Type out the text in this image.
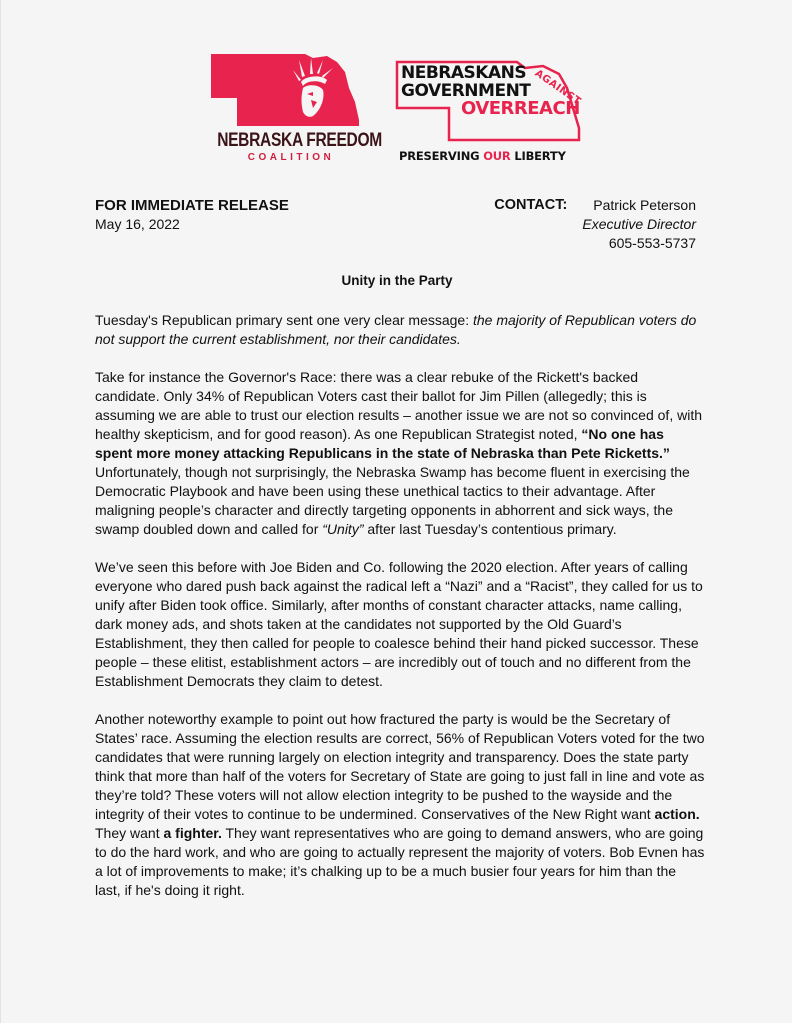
NEBRASKA FREEDOM
COALITION
NEBRASKANS AGAINST
GOVERNMENT
OVERREACH
PRESERVING OUR LIBERTY
FOR IMMEDIATE RELEASE
May 16, 2022
CONTACT: Patrick Peterson
Executive Director
605-553-5737
Unity in the Party

Tuesday's Republican primary sent one very clear message: the majority of Republican voters do not support the current establishment, nor their candidates.

Take for instance the Governor's Race: there was a clear rebuke of the Rickett's backed candidate. Only 34% of Republican Voters cast their ballot for Jim Pillen (allegedly; this is assuming we are able to trust our election results – another issue we are not so convinced of, with healthy skepticism, and for good reason). As one Republican Strategist noted, “No one has spent more money attacking Republicans in the state of Nebraska than Pete Ricketts.” Unfortunately, though not surprisingly, the Nebraska Swamp has become fluent in exercising the Democratic Playbook and have been using these unethical tactics to their advantage. After maligning people’s character and directly targeting opponents in abhorrent and sick ways, the swamp doubled down and called for “Unity” after last Tuesday’s contentious primary.

We’ve seen this before with Joe Biden and Co. following the 2020 election. After years of calling everyone who dared push back against the radical left a “Nazi” and a “Racist”, they called for us to unify after Biden took office. Similarly, after months of constant character attacks, name calling, dark money ads, and shots taken at the candidates not supported by the Old Guard’s Establishment, they then called for people to coalesce behind their hand picked successor. These people – these elitist, establishment actors – are incredibly out of touch and no different from the Establishment Democrats they claim to detest.

Another noteworthy example to point out how fractured the party is would be the Secretary of States’ race. Assuming the election results are correct, 56% of Republican Voters voted for the two candidates that were running largely on election integrity and transparency. Does the state party think that more than half of the voters for Secretary of State are going to just fall in line and vote as they’re told? These voters will not allow election integrity to be pushed to the wayside and the integrity of their votes to continue to be undermined. Conservatives of the New Right want action. They want a fighter. They want representatives who are going to demand answers, who are going to do the hard work, and who are going to actually represent the majority of voters. Bob Evnen has a lot of improvements to make; it’s chalking up to be a much busier four years for him than the last, if he's doing it right.
